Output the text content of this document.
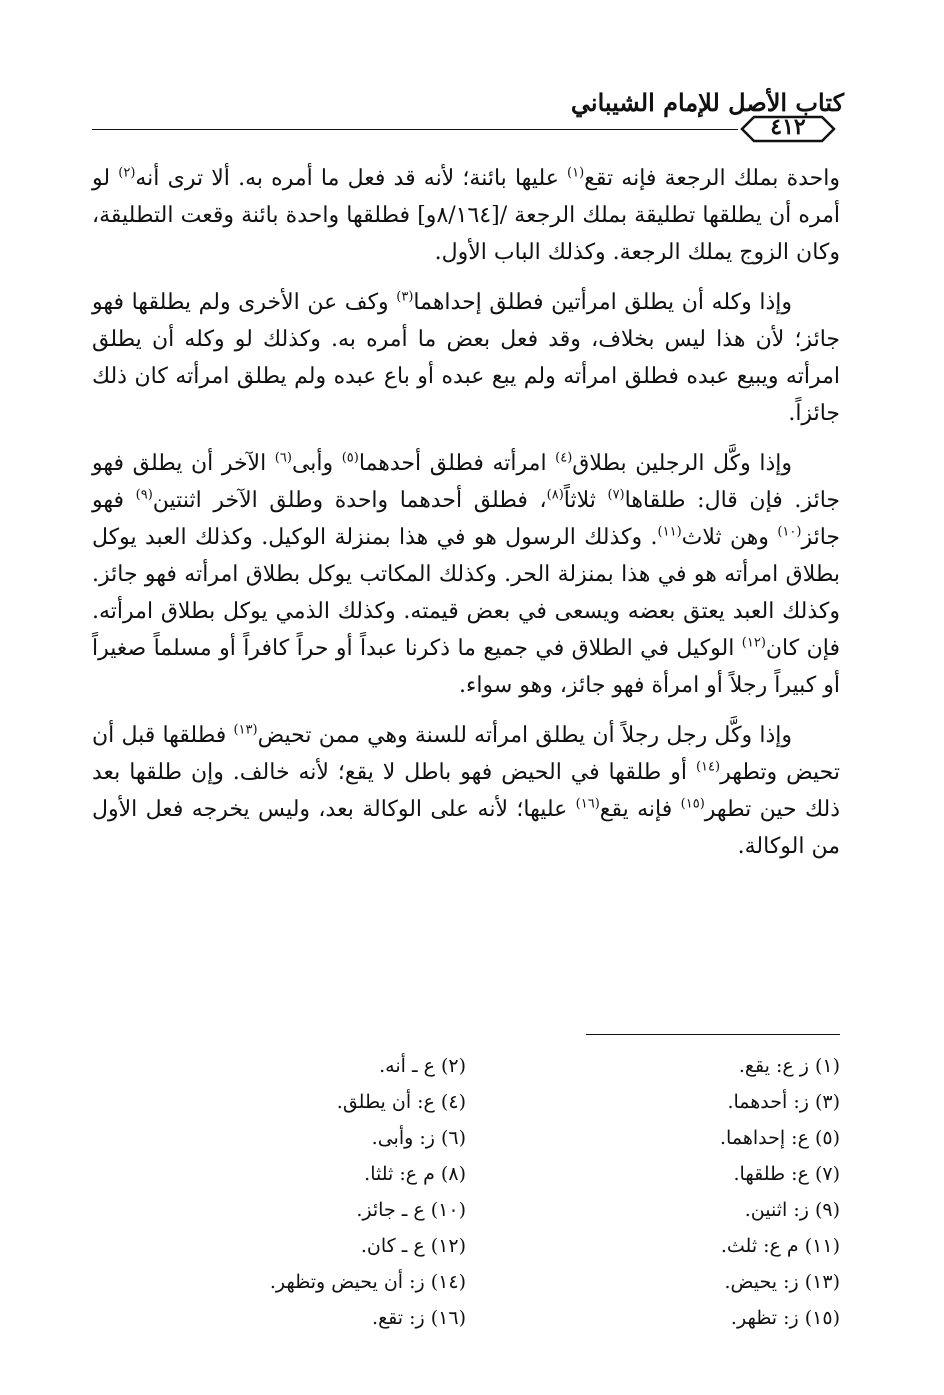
كتاب الأصل للإمام الشيباني
٤١٢

واحدة بملك الرجعة فإنه تقع$^{(١)}$ عليها بائنة؛ لأنه قد فعل ما أمره به. ألا ترى أنه$^{(٢)}$ لو أمره أن يطلقها تطليقة بملك الرجعة /[٨/١٦٤و] فطلقها واحدة بائنة وقعت التطليقة، وكان الزوج يملك الرجعة. وكذلك الباب الأول.

وإذا وكله أن يطلق امرأتين فطلق إحداهما$^{(٣)}$ وكف عن الأخرى ولم يطلقها فهو جائز؛ لأن هذا ليس بخلاف، وقد فعل بعض ما أمره به. وكذلك لو وكله أن يطلق امرأته ويبيع عبده فطلق امرأته ولم يبع عبده أو باع عبده ولم يطلق امرأته كان ذلك جائزاً.

وإذا وكَّل الرجلين بطلاق$^{(٤)}$ امرأته فطلق أحدهما$^{(٥)}$ وأبى$^{(٦)}$ الآخر أن يطلق فهو جائز. فإن قال: طلقاها$^{(٧)}$ ثلاثاً$^{(٨)}$، فطلق أحدهما واحدة وطلق الآخر اثنتين$^{(٩)}$ فهو جائز$^{(١٠)}$ وهن ثلاث$^{(١١)}$. وكذلك الرسول هو في هذا بمنزلة الوكيل. وكذلك العبد يوكل بطلاق امرأته هو في هذا بمنزلة الحر. وكذلك المكاتب يوكل بطلاق امرأته فهو جائز. وكذلك العبد يعتق بعضه ويسعى في بعض قيمته. وكذلك الذمي يوكل بطلاق امرأته. فإن كان$^{(١٢)}$ الوكيل في الطلاق في جميع ما ذكرنا عبداً أو حراً كافراً أو مسلماً صغيراً أو كبيراً رجلاً أو امرأة فهو جائز، وهو سواء.

وإذا وكَّل رجل رجلاً أن يطلق امرأته للسنة وهي ممن تحيض$^{(١٣)}$ فطلقها قبل أن تحيض وتطهر$^{(١٤)}$ أو طلقها في الحيض فهو باطل لا يقع؛ لأنه خالف. وإن طلقها بعد ذلك حين تطهر$^{(١٥)}$ فإنه يقع$^{(١٦)}$ عليها؛ لأنه على الوكالة بعد، وليس يخرجه فعل الأول من الوكالة.

(١) ز ع: يقع.
(٢) ع ـ أنه.
(٣) ز: أحدهما.
(٤) ع: أن يطلق.
(٥) ع: إحداهما.
(٦) ز: وأبى.
(٧) ع: طلقها.
(٨) م ع: ثلثا.
(٩) ز: اثنين.
(١٠) ع ـ جائز.
(١١) م ع: ثلث.
(١٢) ع ـ كان.
(١٣) ز: يحيض.
(١٤) ز: أن يحيض وتظهر.
(١٥) ز: تظهر.
(١٦) ز: تقع.
